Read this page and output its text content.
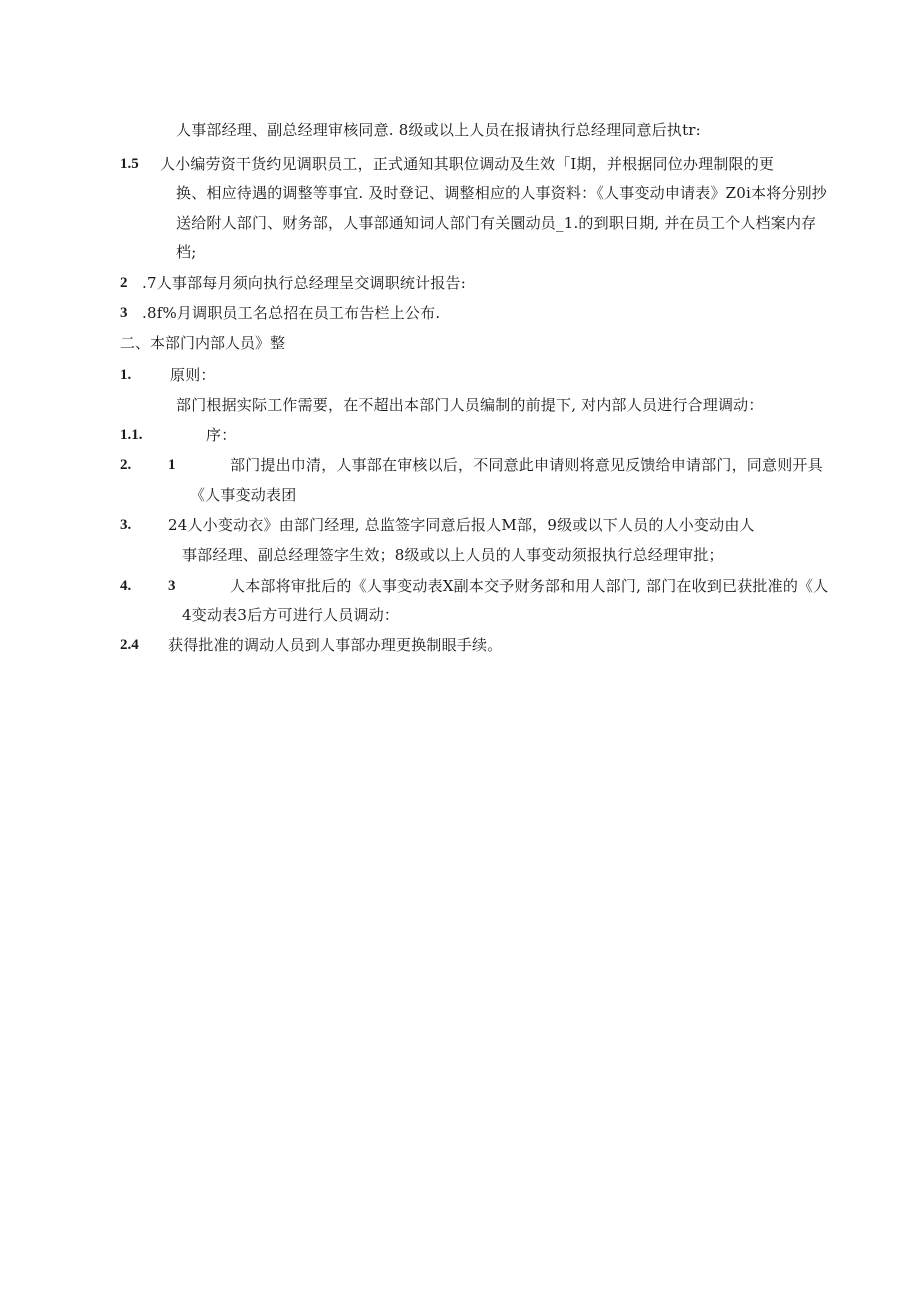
人事部经理、副总经理审核同意. 8级或以上人员在报请执行总经理同意后执tr:
1.5 人小编劳资干货约见调职员工，正式通知其职位调动及生效「I期，并根据同位办理制限的更
换、相应待遇的调整等事宜. 及时登记、调整相应的人事资料：《人事变动申请表》Z0i本将分别抄
送给附人部门、财务部，人事部通知词人部门有关圜动员_1.的到职日期, 并在员工个人档案内存
档;
2 .7人事部每月须向执行总经理呈交调职统计报告:
3 .8f%月调职员工名总招在员工布告栏上公布.
二、本部门内部人员》整
1.	原则：
部门根据实际工作需要，在不超出本部门人员编制的前提下, 对内部人员进行合理调动：
1.1.	序：
2. 1	部门提出巾清，人事部在审核以后，不同意此申请则将意见反馈给申请部门，同意则开具
《人事变动表团
3. 24人小变动衣》由部门经理, 总监签字同意后报人M部，9级或以下人员的人小变动由人
事部经理、副总经理签字生效；8级或以上人员的人事变动须报执行总经理审批；
4. 3	人本部将审批后的《人事变动表X副本交予财务部和用人部门, 部门在收到已获批准的《人
4变动表3后方可进行人员调动：
2.4 获得批准的调动人员到人事部办理更换制眼手续。
